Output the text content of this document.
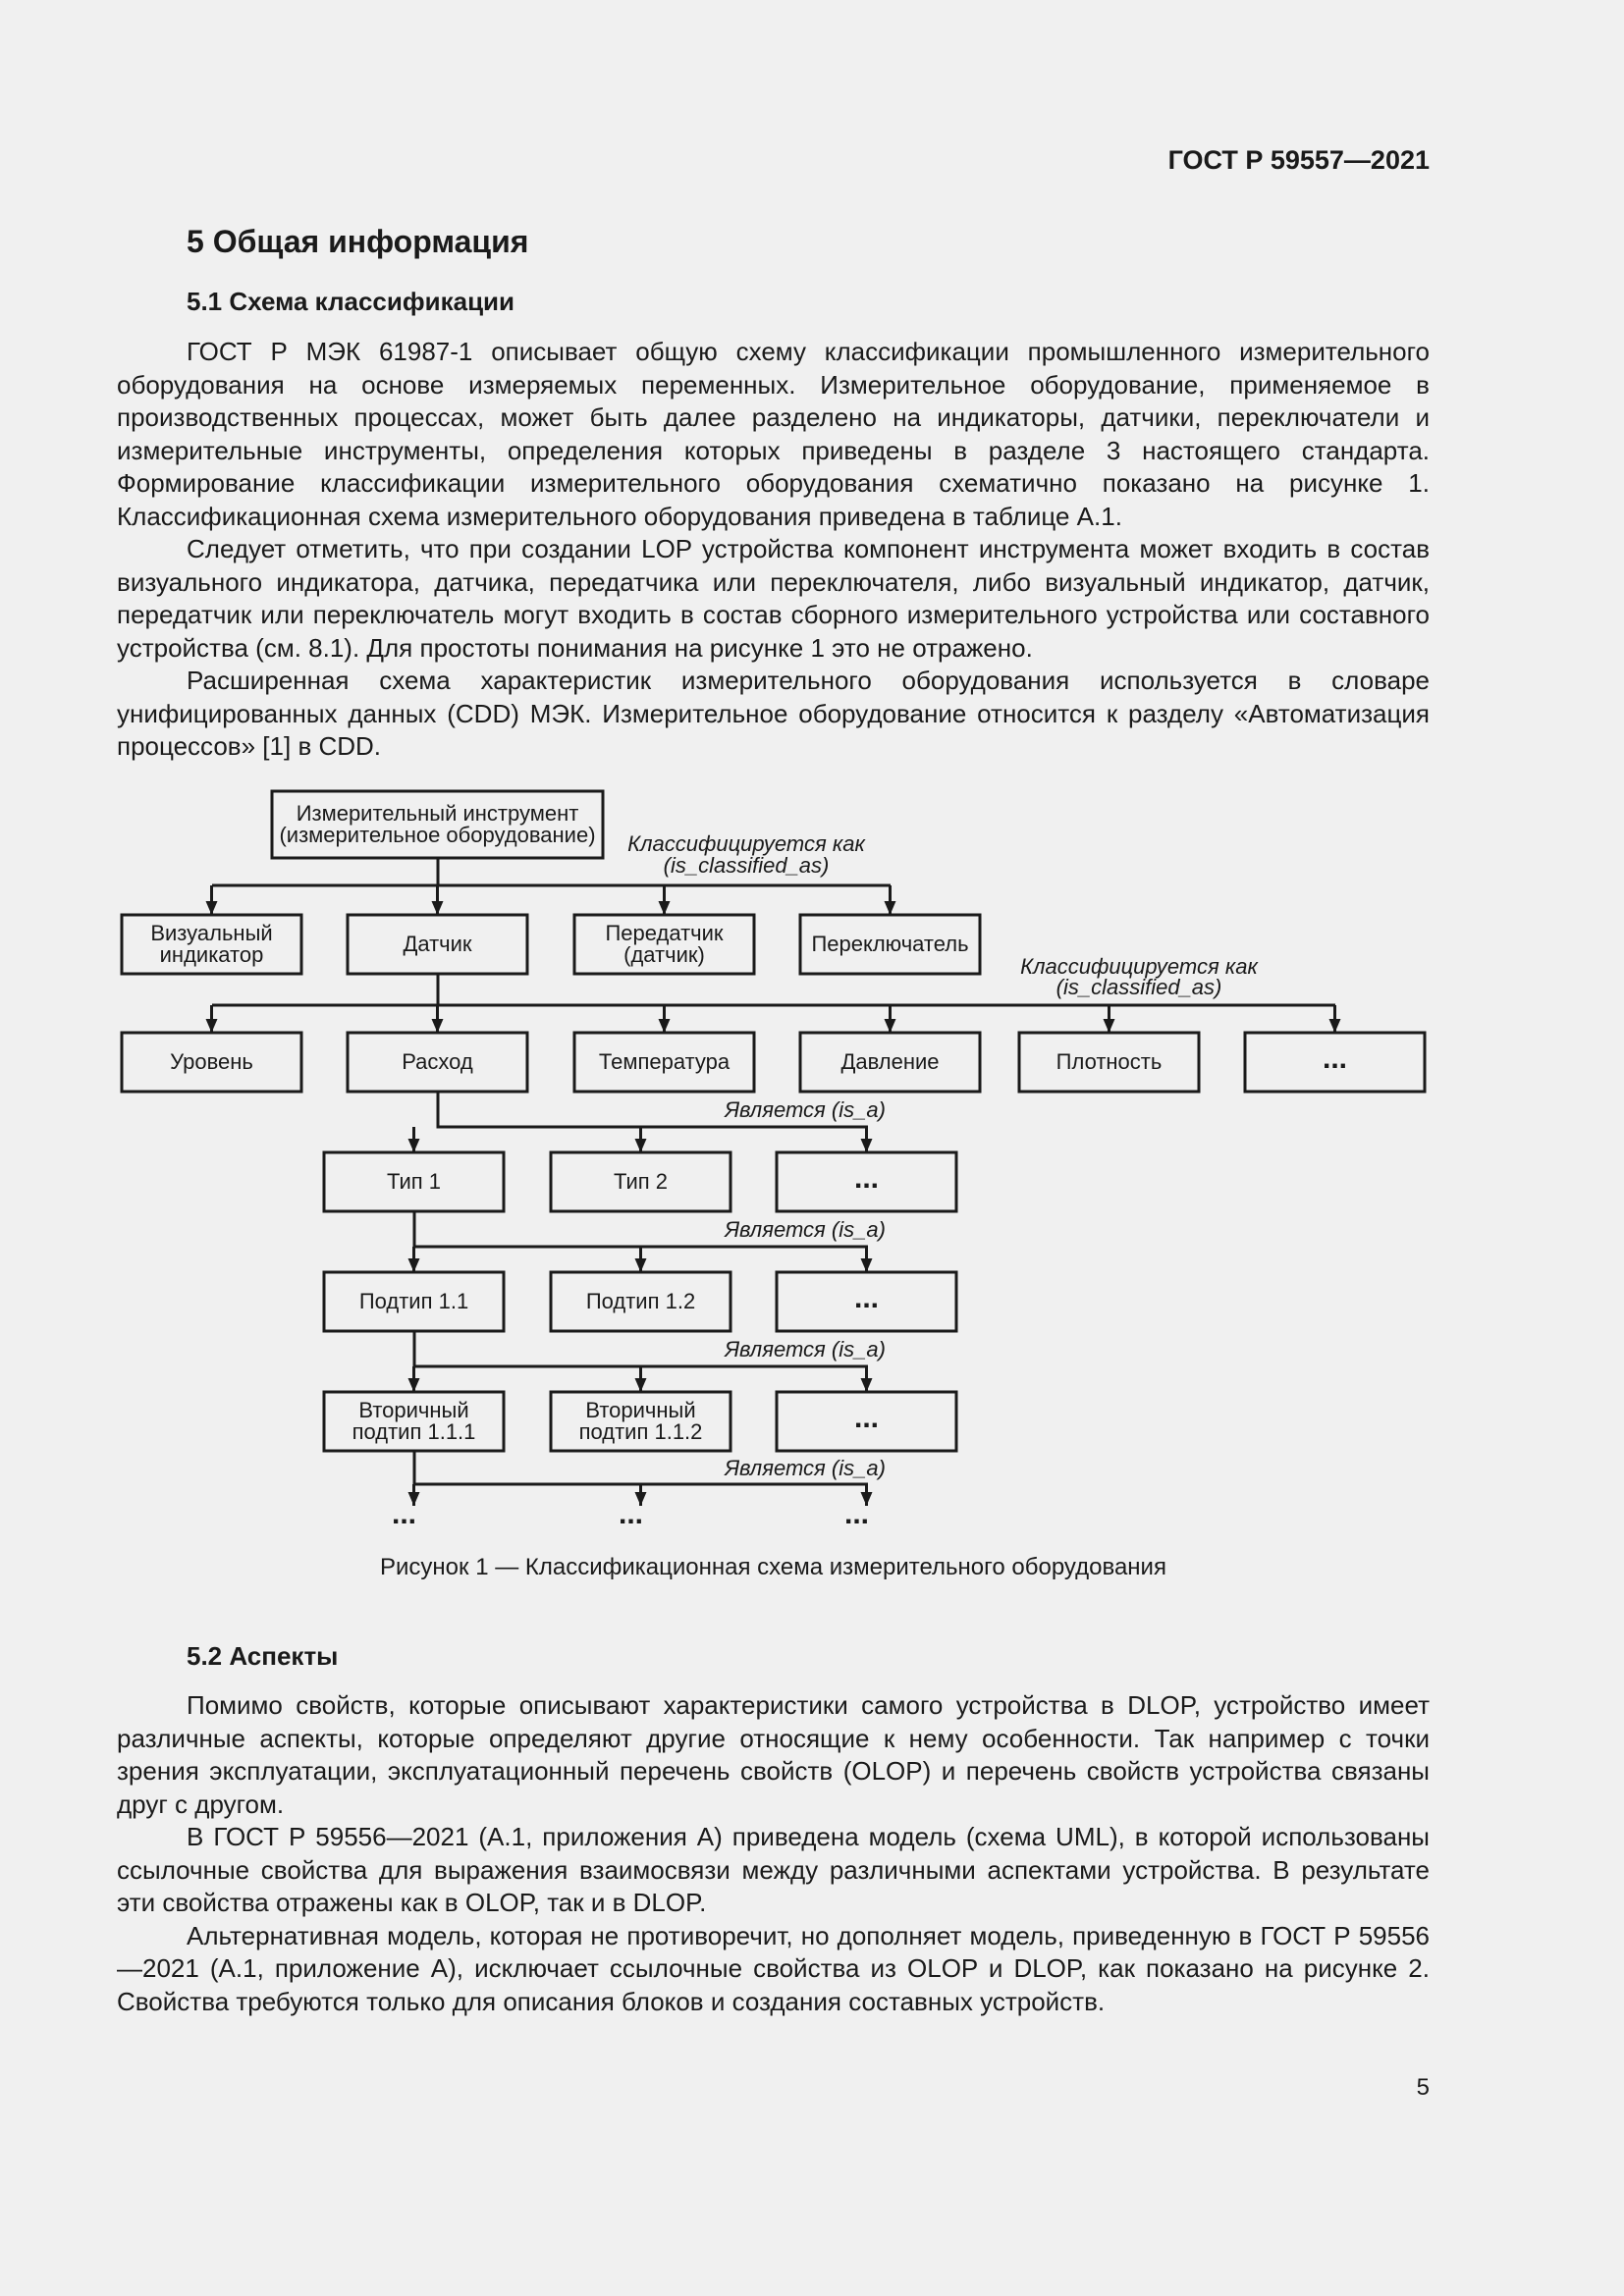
ГОСТ Р 59557—2021
5 Общая информация
5.1 Схема классификации

ГОСТ Р МЭК 61987-1 описывает общую схему классификации промышленного измерительного оборудования на основе измеряемых переменных. Измерительное оборудование, применяемое в производственных процессах, может быть далее разделено на индикаторы, датчики, переключатели и измерительные инструменты, определения которых приведены в разделе 3 настоящего стандарта. Формирование классификации измерительного оборудования схематично показано на рисунке 1. Классификационная схема измерительного оборудования приведена в таблице А.1.

Следует отметить, что при создании LOP устройства компонент инструмента может входить в состав визуального индикатора, датчика, передатчика или переключателя, либо визуальный индикатор, датчик, передатчик или переключатель могут входить в состав сборного измерительного устройства или составного устройства (см. 8.1). Для простоты понимания на рисунке 1 это не отражено.

Расширенная схема характеристик измерительного оборудования используется в словаре унифицированных данных (CDD) МЭК. Измерительное оборудование относится к разделу «Автоматизация процессов» [1] в CDD.

Классифицируется как
(is_classified_as)
Классифицируется как
(is_classified_as)
Является (is_a)
Является (is_a)
Является (is_a)
Является (is_a)
...	...	...
Измерительный инструмент
(измерительное оборудование)
Визуальный
индикатор	Датчик	Передатчик
(датчик)	Переключатель
Уровень	Расход	Температура	Давление	Плотность	...
Тип 1	Тип 2	...
Подтип 1.1	Подтип 1.2	...
Вторичный
подтип 1.1.1
Вторичный
подтип 1.1.2	...
Рисунок 1 — Классификационная схема измерительного оборудования
5.2 Аспекты

Помимо свойств, которые описывают характеристики самого устройства в DLOP, устройство имеет различные аспекты, которые определяют другие относящие к нему особенности. Так например с точки зрения эксплуатации, эксплуатационный перечень свойств (OLOP) и перечень свойств устройства связаны друг с другом.

В ГОСТ Р 59556—2021 (А.1, приложения А) приведена модель (схема UML), в которой использованы ссылочные свойства для выражения взаимосвязи между различными аспектами устройства. В результате эти свойства отражены как в OLOP, так и в DLOP.

Альтернативная модель, которая не противоречит, но дополняет модель, приведенную в ГОСТ Р 59556—2021 (А.1, приложение А), исключает ссылочные свойства из OLOP и DLOP, как показано на рисунке 2. Свойства требуются только для описания блоков и создания составных устройств.

5
